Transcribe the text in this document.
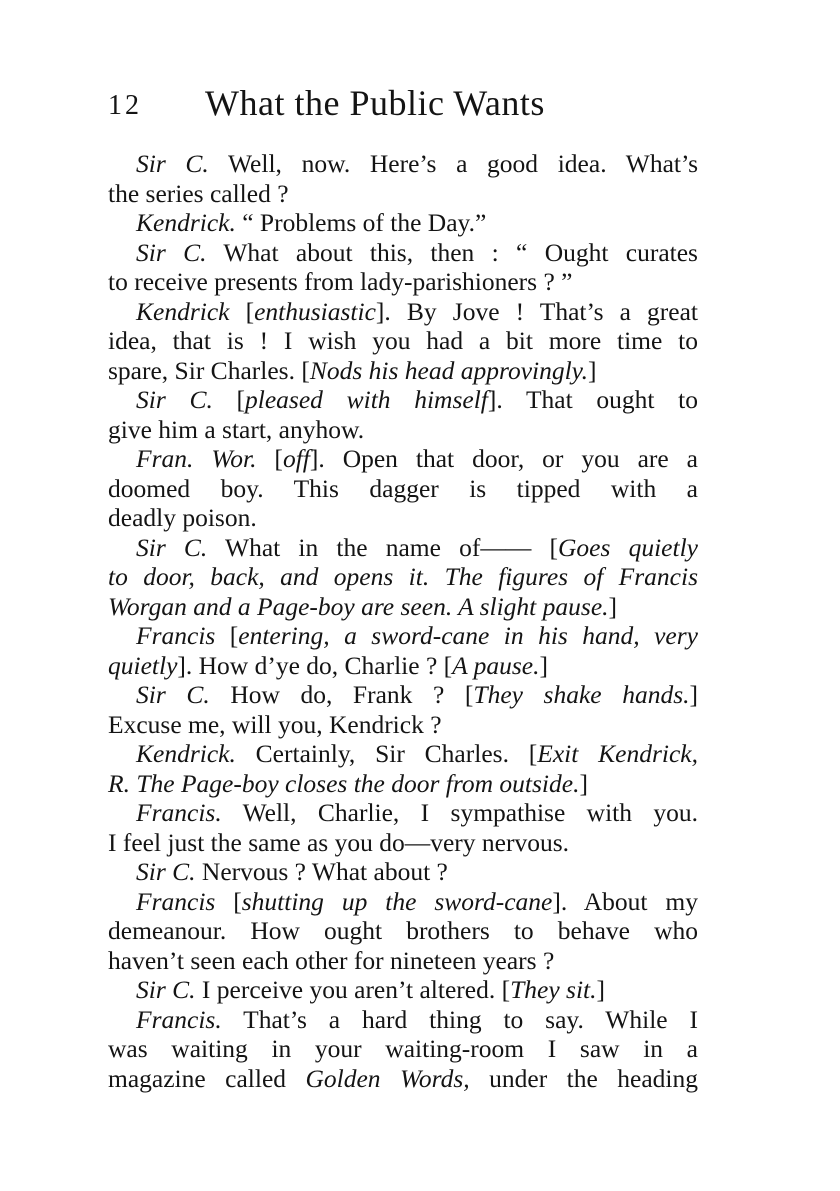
12 What the Public Wants
Sir C. Well, now. Here’s a good idea. What’s
the series called ?
Kendrick. “ Problems of the Day.”
Sir C. What about this, then : “ Ought curates
to receive presents from lady-parishioners ? ”
Kendrick [enthusiastic]. By Jove ! That’s a great
idea, that is ! I wish you had a bit more time to
spare, Sir Charles. [Nods his head approvingly.]
Sir C. [pleased with himself]. That ought to
give him a start, anyhow.
Fran. Wor. [off]. Open that door, or you are a
doomed boy. This dagger is tipped with a
deadly poison.
Sir C. What in the name of—— [Goes quietly
to door, back, and opens it. The figures of Francis
Worgan and a Page-boy are seen. A slight pause.]
Francis [entering, a sword-cane in his hand, very
quietly]. How d’ye do, Charlie ? [A pause.]
Sir C. How do, Frank ? [They shake hands.]
Excuse me, will you, Kendrick ?
Kendrick. Certainly, Sir Charles. [Exit Kendrick,
R. The Page-boy closes the door from outside.]
Francis. Well, Charlie, I sympathise with you.
I feel just the same as you do—very nervous.
Sir C. Nervous ? What about ?
Francis [shutting up the sword-cane]. About my
demeanour. How ought brothers to behave who
haven’t seen each other for nineteen years ?
Sir C. I perceive you aren’t altered. [They sit.]
Francis. That’s a hard thing to say. While I
was waiting in your waiting-room I saw in a
magazine called Golden Words, under the heading
